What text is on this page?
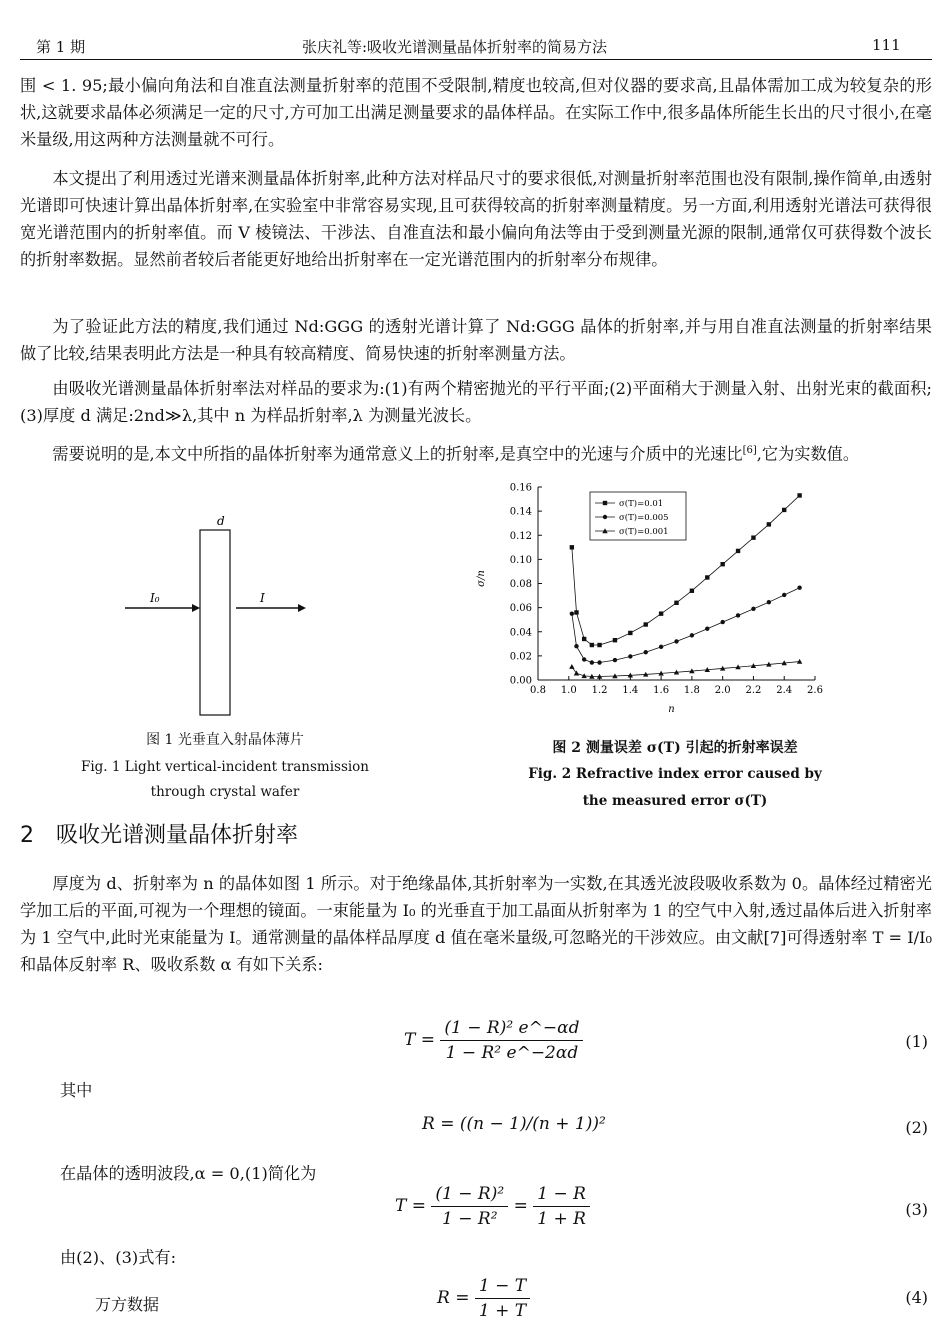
第 1 期	张庆礼等:吸收光谱测量晶体折射率的简易方法	111

围 < 1. 95;最小偏向角法和自准直法测量折射率的范围不受限制,精度也较高,但对仪器的要求高,且晶体需加工成为较复杂的形状,这就要求晶体必须满足一定的尺寸,方可加工出满足测量要求的晶体样品。在实际工作中,很多晶体所能生长出的尺寸很小,在毫米量级,用这两种方法测量就不可行。

本文提出了利用透过光谱来测量晶体折射率,此种方法对样品尺寸的要求很低,对测量折射率范围也没有限制,操作简单,由透射光谱即可快速计算出晶体折射率,在实验室中非常容易实现,且可获得较高的折射率测量精度。另一方面,利用透射光谱法可获得很宽光谱范围内的折射率值。而 V 棱镜法、干涉法、自准直法和最小偏向角法等由于受到测量光源的限制,通常仅可获得数个波长的折射率数据。显然前者较后者能更好地给出折射率在一定光谱范围内的折射率分布规律。

为了验证此方法的精度,我们通过 Nd:GGG 的透射光谱计算了 Nd:GGG 晶体的折射率,并与用自准直法测量的折射率结果做了比较,结果表明此方法是一种具有较高精度、简易快速的折射率测量方法。

由吸收光谱测量晶体折射率法对样品的要求为:(1)有两个精密抛光的平行平面;(2)平面稍大于测量入射、出射光束的截面积;(3)厚度 d 满足:2nd≫λ,其中 n 为样品折射率,λ 为测量光波长。

需要说明的是,本文中所指的晶体折射率为通常意义上的折射率,是真空中的光速与介质中的光速比[6],它为实数值。

d
I₀	I
图 1 光垂直入射晶体薄片
Fig. 1 Light vertical-incident transmission
through crystal wafer
0.00
0.02
0.04
0.06
0.08
0.10
0.12
0.14
0.16
0.8 1.0 1.2 1.4 1.6 1.8 2.0 2.2 2.4 2.6
n
σ/n
σ(T)=0.01
σ(T)=0.005
σ(T)=0.001
图 2 测量误差 σ(T) 引起的折射率误差
Fig. 2 Refractive index error caused by
the measured error σ(T)
2 吸收光谱测量晶体折射率

厚度为 d、折射率为 n 的晶体如图 1 所示。对于绝缘晶体,其折射率为一实数,在其透光波段吸收系数为 0。晶体经过精密光学加工后的平面,可视为一个理想的镜面。一束能量为 I₀ 的光垂直于加工晶面从折射率为 1 的空气中入射,透过晶体后进入折射率为 1 空气中,此时光束能量为 I。通常测量的晶体样品厚度 d 值在毫米量级,可忽略光的干涉效应。由文献[7]可得透射率 T = I/I₀ 和晶体反射率 R、吸收系数 α 有如下关系:

$T = \frac{\text{(1 − R)² e\textasciicircum{}−αd}}{\text{1 − R² e\textasciicircum{}−2αd}}$	(1)
其中
R = ((n − 1)/(n + 1))²	(2)
在晶体的透明波段,α = 0,(1)简化为
$T = \frac{\text{(1 − R)²}}{\text{1 − R²}} = \frac{1 - R}{1 + R}$	(3)
由(2)、(3)式有:
$R = \frac{1 - T}{1 + T}$	(4)
万方数据
